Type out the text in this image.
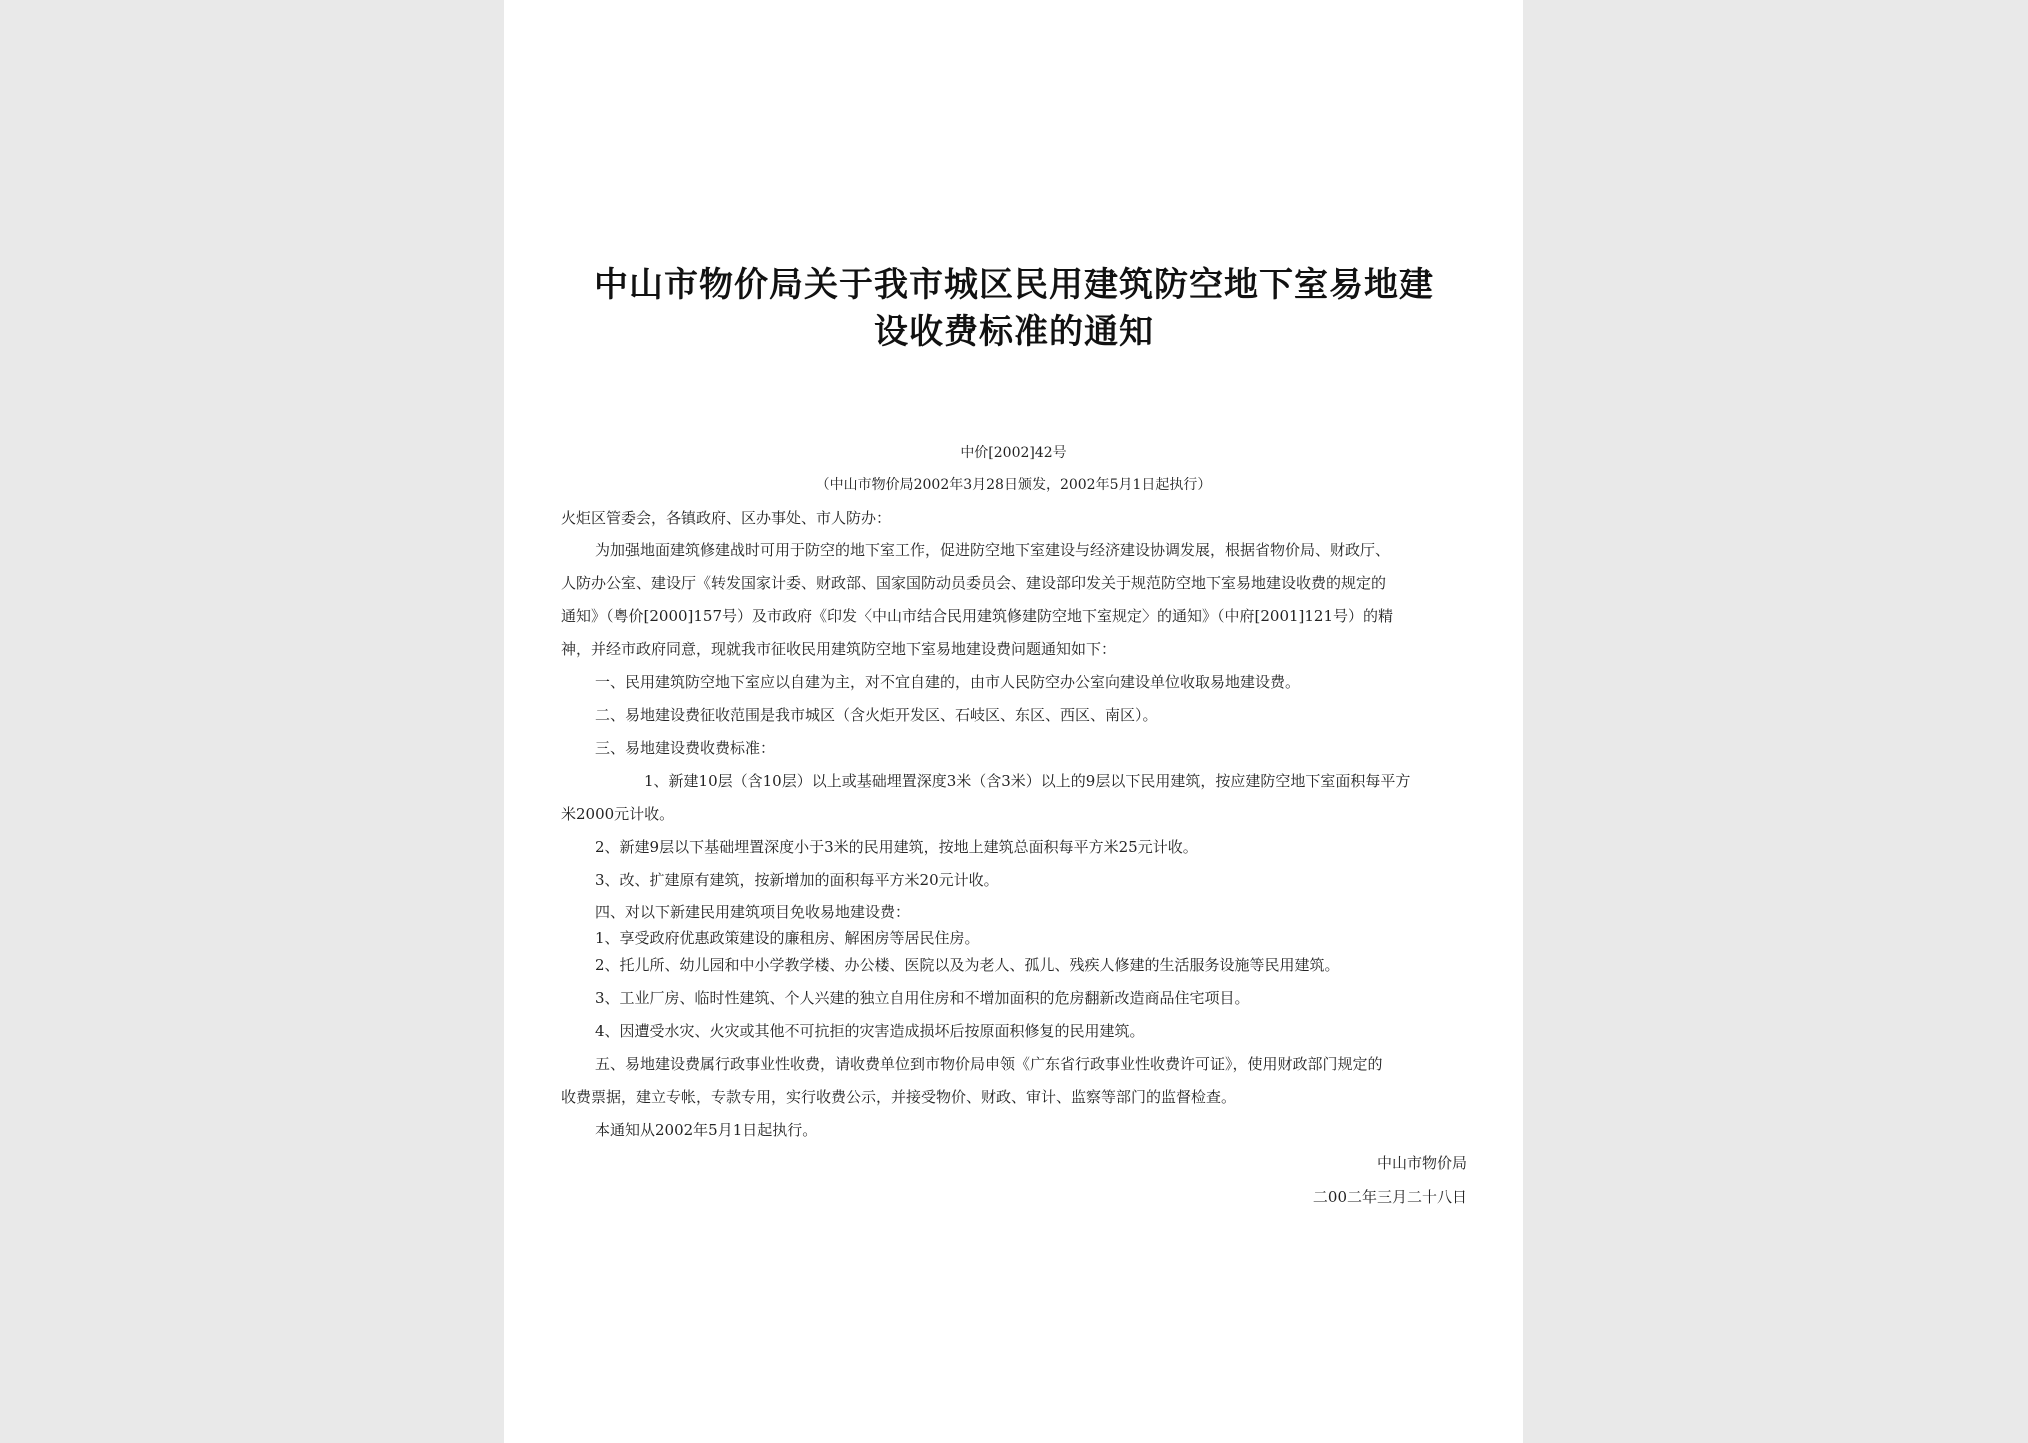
中山市物价局关于我市城区民用建筑防空地下室易地建
设收费标准的通知
中价[2002]42号
（中山市物价局2002年3月28日颁发，2002年5月1日起执行）
火炬区管委会，各镇政府、区办事处、市人防办：
为加强地面建筑修建战时可用于防空的地下室工作，促进防空地下室建设与经济建设协调发展，根据省物价局、财政厅、
人防办公室、建设厅《转发国家计委、财政部、国家国防动员委员会、建设部印发关于规范防空地下室易地建设收费的规定的
通知》（粤价[2000]157号）及市政府《印发〈中山市结合民用建筑修建防空地下室规定〉的通知》（中府[2001]121号）的精
神，并经市政府同意，现就我市征收民用建筑防空地下室易地建设费问题通知如下：
一、民用建筑防空地下室应以自建为主，对不宜自建的，由市人民防空办公室向建设单位收取易地建设费。
二、易地建设费征收范围是我市城区（含火炬开发区、石岐区、东区、西区、南区）。
三、易地建设费收费标准：
1、新建10层（含10层）以上或基础埋置深度3米（含3米）以上的9层以下民用建筑，按应建防空地下室面积每平方
米2000元计收。
2、新建9层以下基础埋置深度小于3米的民用建筑，按地上建筑总面积每平方米25元计收。
3、改、扩建原有建筑，按新增加的面积每平方米20元计收。
四、对以下新建民用建筑项目免收易地建设费：
1、享受政府优惠政策建设的廉租房、解困房等居民住房。
2、托儿所、幼儿园和中小学教学楼、办公楼、医院以及为老人、孤儿、残疾人修建的生活服务设施等民用建筑。
3、工业厂房、临时性建筑、个人兴建的独立自用住房和不增加面积的危房翻新改造商品住宅项目。
4、因遭受水灾、火灾或其他不可抗拒的灾害造成损坏后按原面积修复的民用建筑。
五、易地建设费属行政事业性收费，请收费单位到市物价局申领《广东省行政事业性收费许可证》，使用财政部门规定的
收费票据，建立专帐，专款专用，实行收费公示，并接受物价、财政、审计、监察等部门的监督检查。
本通知从2002年5月1日起执行。
中山市物价局
二00二年三月二十八日
